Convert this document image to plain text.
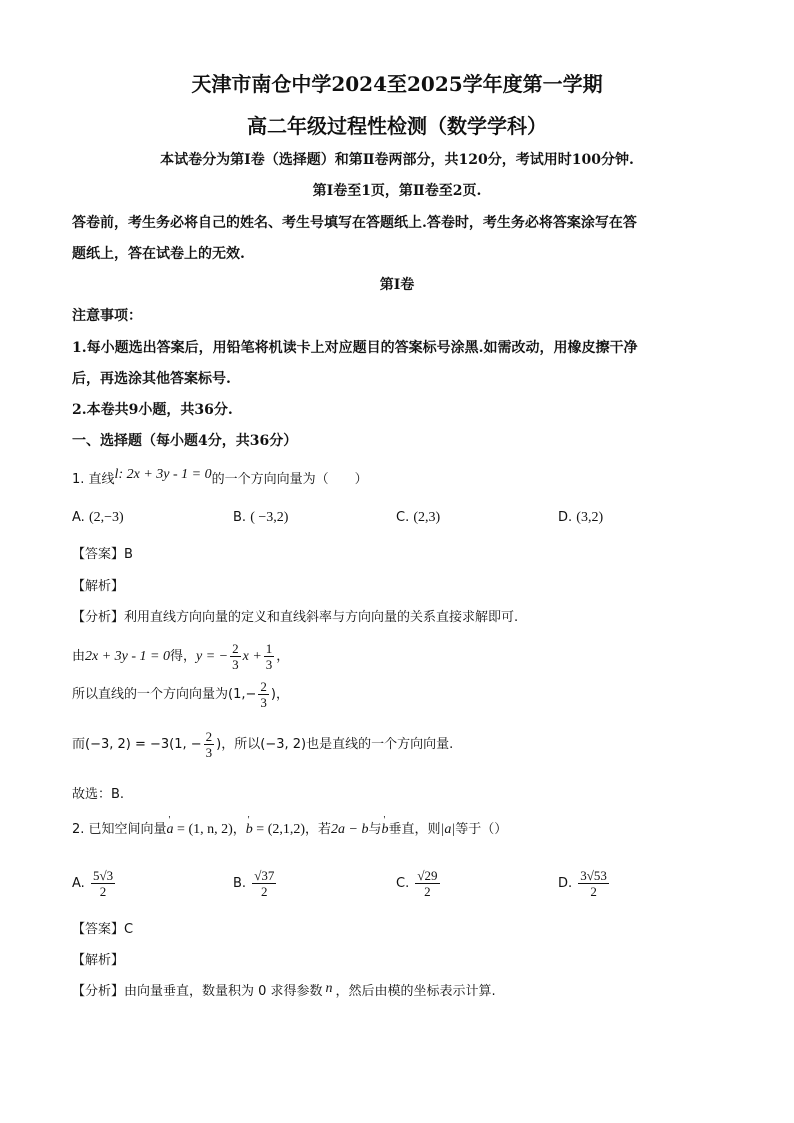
天津市南仓中学2024至2025学年度第一学期
高二年级过程性检测（数学学科）
本试卷分为第Ⅰ卷（选择题）和第Ⅱ卷两部分，共120分，考试用时100分钟.
第Ⅰ卷至1页，第Ⅱ卷至2页.
答卷前，考生务必将自己的姓名、考生号填写在答题纸上.答卷时，考生务必将答案涂写在答
题纸上，答在试卷上的无效.
第Ⅰ卷
注意事项：
1.每小题选出答案后，用铅笔将机读卡上对应题目的答案标号涂黑.如需改动，用橡皮擦干净
后，再选涂其他答案标号.
2.本卷共9小题，共36分.
一、选择题（每小题4分，共36分）
1. 直线l: 2x + 3y - 1 = 0的一个方向向量为（　　）
A. (2,−3)	B. ( −3,2)	C. (2,3)	D. (3,2)
【答案】B
【解析】
【分析】利用直线方向向量的定义和直线斜率与方向向量的关系直接求解即可.
由2x + 3y - 1 = 0得，y = − $\frac{2}{3}$ $x + \frac{1}{3}$ ，
所以直线的一个方向向量为($1,- \frac{2}{3}$ )，
而(−3, 2) = −3(1, − $\frac{2}{3}$ )，所以(−3, 2)也是直线的一个方向向量.
故选：B.
2. 已知空间向量' a = (1, n, 2)，' b = (2,1,2)，若2a − b与' b垂直，则|a|等于（）
A. $\frac{5√3}{2}$	B. $\frac{√37}{2}$	C. $\frac{√29}{2}$	D. $\frac{3√53}{2}$
【答案】C
【解析】
【分析】由向量垂直，数量积为 0 求得参数 n ，然后由模的坐标表示计算.
